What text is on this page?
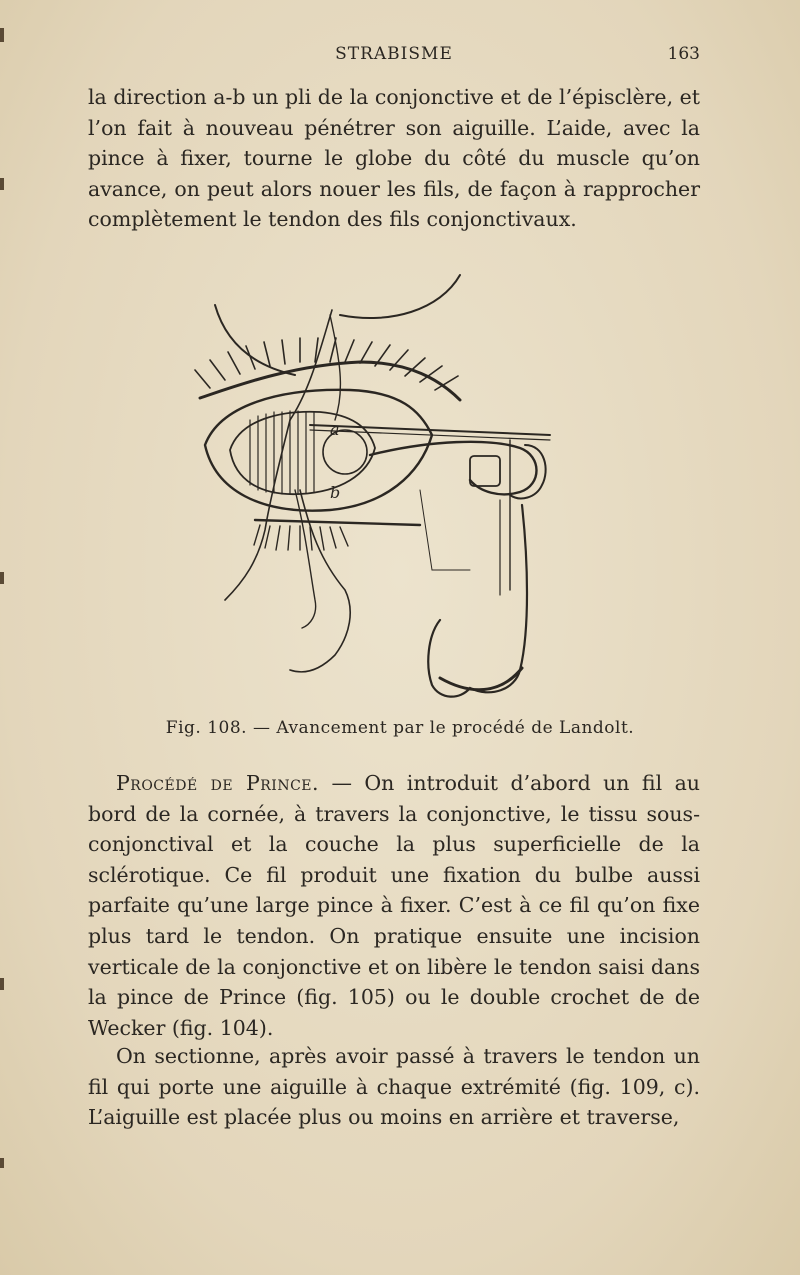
STRABISME	163

la direction a-b un pli de la conjonctive et de l’épisclère, et l’on fait à nouveau pénétrer son aiguille. L’aide, avec la pince à fixer, tourne le globe du côté du muscle qu’on avance, on peut alors nouer les fils, de façon à rapprocher complètement le tendon des fils conjonctivaux.

a
b
Fig. 108. — Avancement par le procédé de Landolt.

Procédé de Prince. — On introduit d’abord un fil au bord de la cornée, à travers la conjonctive, le tissu sous-conjonctival et la couche la plus superficielle de la sclérotique. Ce fil produit une fixation du bulbe aussi parfaite qu’une large pince à fixer. C’est à ce fil qu’on fixe plus tard le tendon. On pratique ensuite une incision verticale de la conjonctive et on libère le tendon saisi dans la pince de Prince (fig. 105) ou le double crochet de de Wecker (fig. 104).

On sectionne, après avoir passé à travers le tendon un fil qui porte une aiguille à chaque extrémité (fig. 109, c). L’aiguille est placée plus ou moins en arrière et traverse,
